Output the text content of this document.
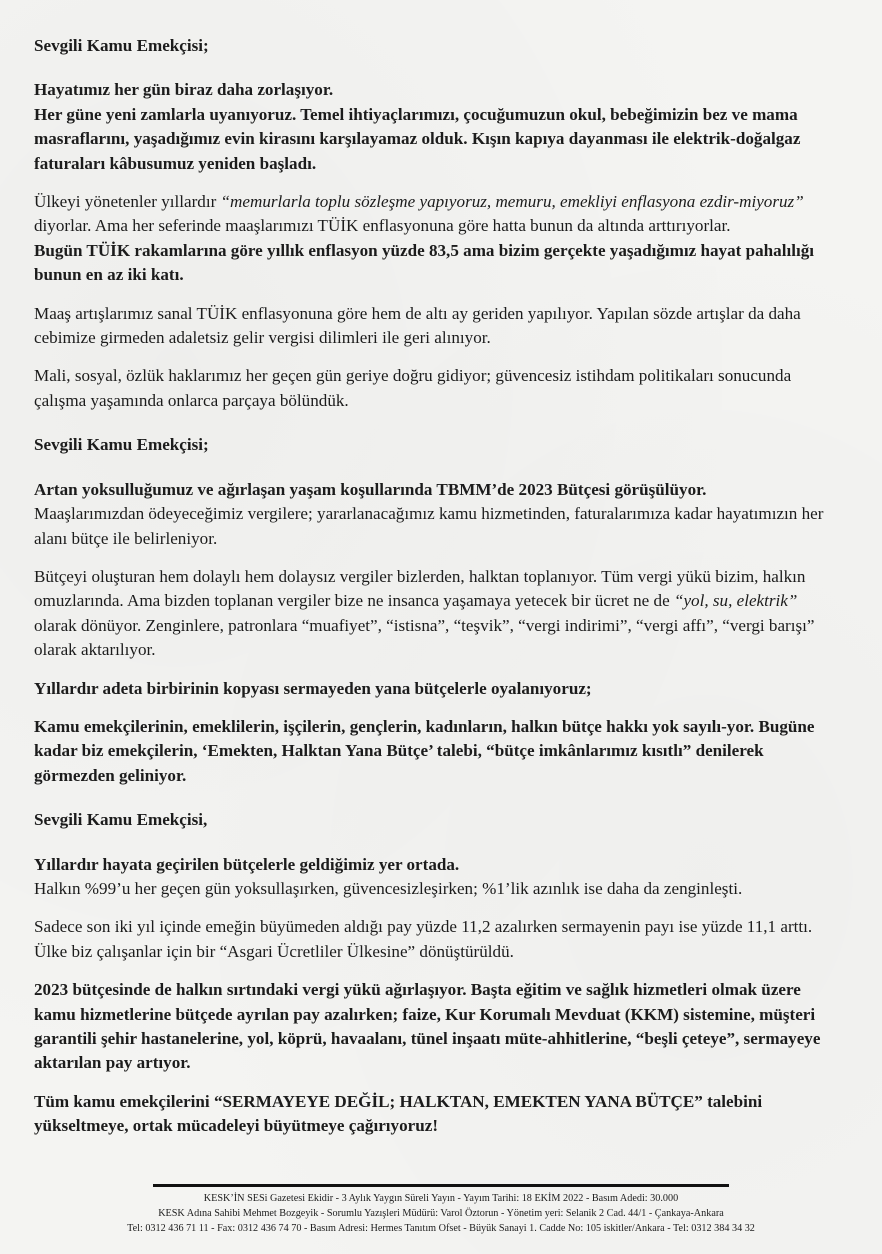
Sevgili Kamu Emekçisi;

Hayatımız her gün biraz daha zorlaşıyor.

Her güne yeni zamlarla uyanıyoruz. Temel ihtiyaçlarımızı, çocuğumuzun okul, bebeğimizin bez ve mama masraflarını, yaşadığımız evin kirasını karşılayamaz olduk. Kışın kapıya dayanması ile elektrik-doğalgaz faturaları kâbusumuz yeniden başladı.

Ülkeyi yönetenler yıllardır “memurlarla toplu sözleşme yapıyoruz, memuru, emekliyi enflasyona ezdir-miyoruz” diyorlar. Ama her seferinde maaşlarımızı TÜİK enflasyonuna göre hatta bunun da altında arttırıyorlar.

Bugün TÜİK rakamlarına göre yıllık enflasyon yüzde 83,5 ama bizim gerçekte yaşadığımız hayat pahalılığı bunun en az iki katı.

Maaş artışlarımız sanal TÜİK enflasyonuna göre hem de altı ay geriden yapılıyor. Yapılan sözde artışlar da daha cebimize girmeden adaletsiz gelir vergisi dilimleri ile geri alınıyor.

Mali, sosyal, özlük haklarımız her geçen gün geriye doğru gidiyor; güvencesiz istihdam politikaları sonucunda çalışma yaşamında onlarca parçaya bölündük.

Sevgili Kamu Emekçisi;

Artan yoksulluğumuz ve ağırlaşan yaşam koşullarında TBMM’de 2023 Bütçesi görüşülüyor.

Maaşlarımızdan ödeyeceğimiz vergilere; yararlanacağımız kamu hizmetinden, faturalarımıza kadar hayatımızın her alanı bütçe ile belirleniyor.

Bütçeyi oluşturan hem dolaylı hem dolaysız vergiler bizlerden, halktan toplanıyor. Tüm vergi yükü bizim, halkın omuzlarında. Ama bizden toplanan vergiler bize ne insanca yaşamaya yetecek bir ücret ne de “yol, su, elektrik” olarak dönüyor. Zenginlere, patronlara “muafiyet”, “istisna”, “teşvik”, “vergi indirimi”, “vergi affı”, “vergi barışı” olarak aktarılıyor.

Yıllardır adeta birbirinin kopyası sermayeden yana bütçelerle oyalanıyoruz;

Kamu emekçilerinin, emeklilerin, işçilerin, gençlerin, kadınların, halkın bütçe hakkı yok sayılı-yor. Bugüne kadar biz emekçilerin, ‘Emekten, Halktan Yana Bütçe’ talebi, “bütçe imkânlarımız kısıtlı” denilerek görmezden geliniyor.

Sevgili Kamu Emekçisi,

Yıllardır hayata geçirilen bütçelerle geldiğimiz yer ortada.

Halkın %99’u her geçen gün yoksullaşırken, güvencesizleşirken; %1’lik azınlık ise daha da zenginleşti.

Sadece son iki yıl içinde emeğin büyümeden aldığı pay yüzde 11,2 azalırken sermayenin payı ise yüzde 11,1 arttı. Ülke biz çalışanlar için bir “Asgari Ücretliler Ülkesine” dönüştürüldü.

2023 bütçesinde de halkın sırtındaki vergi yükü ağırlaşıyor. Başta eğitim ve sağlık hizmetleri olmak üzere kamu hizmetlerine bütçede ayrılan pay azalırken; faize, Kur Korumalı Mevduat (KKM) sistemine, müşteri garantili şehir hastanelerine, yol, köprü, havaalanı, tünel inşaatı müte-ahhitlerine, “beşli çeteye”, sermayeye aktarılan pay artıyor.

Tüm kamu emekçilerini “SERMAYEYE DEĞİL; HALKTAN, EMEKTEN YANA BÜTÇE” talebini yükseltmeye, ortak mücadeleyi büyütmeye çağırıyoruz!

KESK’İN SESi Gazetesi Ekidir - 3 Aylık Yaygın Süreli Yayın - Yayım Tarihi: 18 EKİM 2022 - Basım Adedi: 30.000

KESK Adına Sahibi Mehmet Bozgeyik - Sorumlu Yazışleri Müdürü: Varol Öztorun - Yönetim yeri: Selanik 2 Cad. 44/1 - Çankaya-Ankara

Tel: 0312 436 71 11 - Fax: 0312 436 74 70 - Basım Adresi: Hermes Tanıtım Ofset - Büyük Sanayi 1. Cadde No: 105 iskitler/Ankara - Tel: 0312 384 34 32
